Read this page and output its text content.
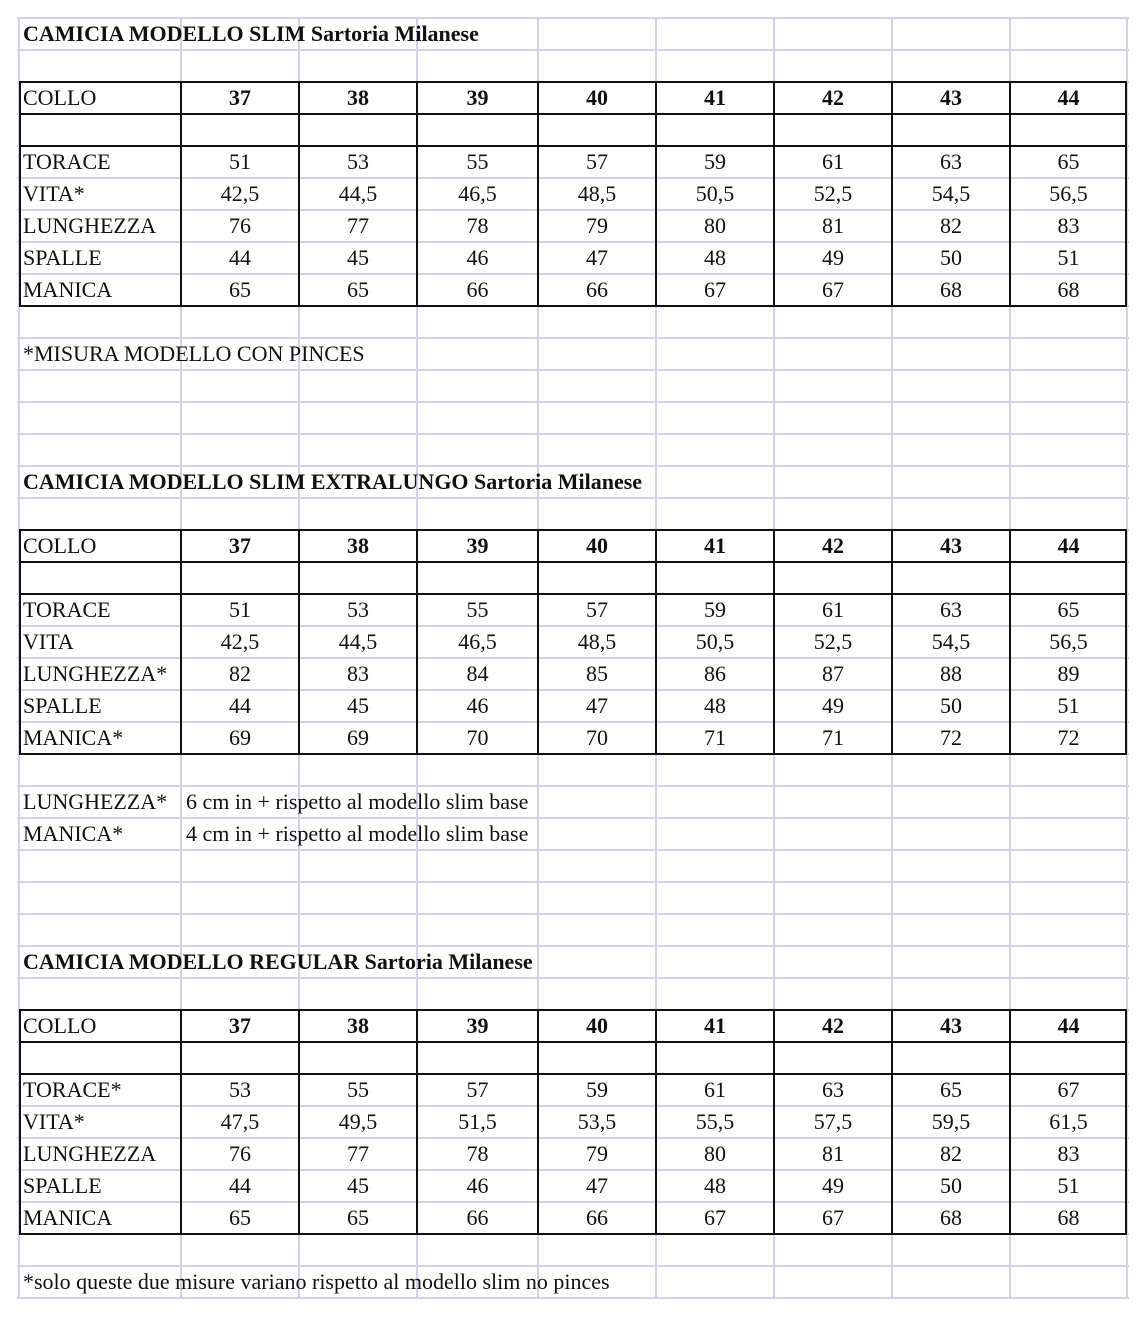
CAMICIA MODELLO SLIM Sartoria Milanese
COLLO	37	38	39	40	41	42	43	44
TORACE	51	53	55	57	59	61	63	65
VITA*	42,5	44,5	46,5	48,5	50,5	52,5	54,5	56,5
LUNGHEZZA	76	77	78	79	80	81	82	83
SPALLE	44	45	46	47	48	49	50	51
MANICA	65	65	66	66	67	67	68	68
*MISURA MODELLO CON PINCES
CAMICIA MODELLO SLIM EXTRALUNGO Sartoria Milanese
COLLO	37	38	39	40	41	42	43	44
TORACE	51	53	55	57	59	61	63	65
VITA	42,5	44,5	46,5	48,5	50,5	52,5	54,5	56,5
LUNGHEZZA*	82	83	84	85	86	87	88	89
SPALLE	44	45	46	47	48	49	50	51
MANICA*	69	69	70	70	71	71	72	72
LUNGHEZZA* 6 cm in + rispetto al modello slim base
MANICA*	4 cm in + rispetto al modello slim base
CAMICIA MODELLO REGULAR Sartoria Milanese
COLLO	37	38	39	40	41	42	43	44
TORACE*	53	55	57	59	61	63	65	67
VITA*	47,5	49,5	51,5	53,5	55,5	57,5	59,5	61,5
LUNGHEZZA	76	77	78	79	80	81	82	83
SPALLE	44	45	46	47	48	49	50	51
MANICA	65	65	66	66	67	67	68	68
*solo queste due misure variano rispetto al modello slim no pinces
